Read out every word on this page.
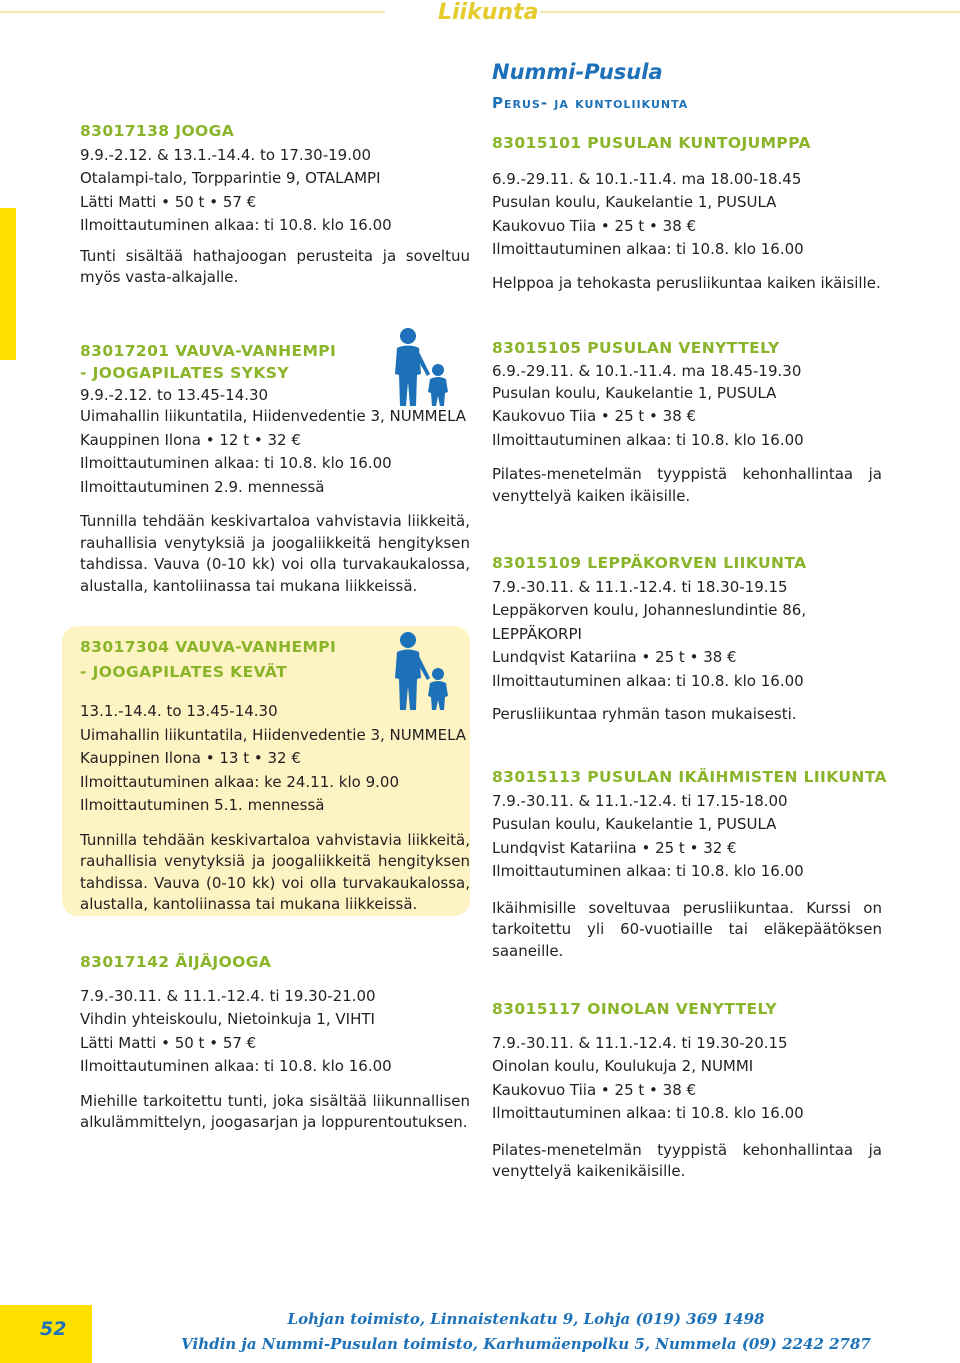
Liikunta
83017138 JOOGA
9.9.-2.12. & 13.1.-14.4. to 17.30-19.00
Otalampi-talo, Torpparintie 9, OTALAMPI
Lätti Matti • 50 t • 57 €
Ilmoittautuminen alkaa: ti 10.8. klo 16.00
Tunti sisältää hathajoogan perusteita ja soveltuu myös vasta-alkajalle.
83017201 VAUVA-VANHEMPI
- JOOGAPILATES SYKSY
9.9.-2.12. to 13.45-14.30
Uimahallin liikuntatila, Hiidenvedentie 3, NUMMELA
Kauppinen Ilona • 12 t • 32 €
Ilmoittautuminen alkaa: ti 10.8. klo 16.00
Ilmoittautuminen 2.9. mennessä
Tunnilla tehdään keskivartaloa vahvistavia liikkeitä, rauhallisia venytyksiä ja joogaliikkeitä hengityksen tahdissa. Vauva (0-10 kk) voi olla turvakaukalossa, alustalla, kantoliinassa tai mukana liikkeissä.
83017304 VAUVA-VANHEMPI
- JOOGAPILATES KEVÄT
13.1.-14.4. to 13.45-14.30
Uimahallin liikuntatila, Hiidenvedentie 3, NUMMELA
Kauppinen Ilona • 13 t • 32 €
Ilmoittautuminen alkaa: ke 24.11. klo 9.00
Ilmoittautuminen 5.1. mennessä
Tunnilla tehdään keskivartaloa vahvistavia liikkeitä, rauhallisia venytyksiä ja joogaliikkeitä hengityksen tahdissa. Vauva (0-10 kk) voi olla turvakaukalossa, alustalla, kantoliinassa tai mukana liikkeissä.
83017142 ÄIJÄJOOGA
7.9.-30.11. & 11.1.-12.4. ti 19.30-21.00
Vihdin yhteiskoulu, Nietoinkuja 1, VIHTI
Lätti Matti • 50 t • 57 €
Ilmoittautuminen alkaa: ti 10.8. klo 16.00
Miehille tarkoitettu tunti, joka sisältää liikunnallisen alkulämmittelyn, joogasarjan ja loppurentoutuksen.
Nummi-Pusula
Perus- ja kuntoliikunta
83015101 PUSULAN KUNTOJUMPPA
6.9.-29.11. & 10.1.-11.4. ma 18.00-18.45
Pusulan koulu, Kaukelantie 1, PUSULA
Kaukovuo Tiia • 25 t • 38 €
Ilmoittautuminen alkaa: ti 10.8. klo 16.00
Helppoa ja tehokasta perusliikuntaa kaiken ikäisille.
83015105 PUSULAN VENYTTELY
6.9.-29.11. & 10.1.-11.4. ma 18.45-19.30
Pusulan koulu, Kaukelantie 1, PUSULA
Kaukovuo Tiia • 25 t • 38 €
Ilmoittautuminen alkaa: ti 10.8. klo 16.00
Pilates-menetelmän tyyppistä kehonhallintaa ja venyttelyä kaiken ikäisille.
83015109 LEPPÄKORVEN LIIKUNTA
7.9.-30.11. & 11.1.-12.4. ti 18.30-19.15
Leppäkorven koulu, Johanneslundintie 86,
LEPPÄKORPI
Lundqvist Katariina • 25 t • 38 €
Ilmoittautuminen alkaa: ti 10.8. klo 16.00
Perusliikuntaa ryhmän tason mukaisesti.
83015113 PUSULAN IKÄIHMISTEN LIIKUNTA
7.9.-30.11. & 11.1.-12.4. ti 17.15-18.00
Pusulan koulu, Kaukelantie 1, PUSULA
Lundqvist Katariina • 25 t • 32 €
Ilmoittautuminen alkaa: ti 10.8. klo 16.00
Ikäihmisille soveltuvaa perusliikuntaa. Kurssi on tarkoitettu yli 60-vuotiaille tai eläkepäätöksen saaneille.
83015117 OINOLAN VENYTTELY
7.9.-30.11. & 11.1.-12.4. ti 19.30-20.15
Oinolan koulu, Koulukuja 2, NUMMI
Kaukovuo Tiia • 25 t • 38 €
Ilmoittautuminen alkaa: ti 10.8. klo 16.00
Pilates-menetelmän tyyppistä kehonhallintaa ja venyttelyä kaikenikäisille.
52	Lohjan toimisto, Linnaistenkatu 9, Lohja (019) 369 1498
Vihdin ja Nummi-Pusulan toimisto, Karhumäenpolku 5, Nummela (09) 2242 2787
